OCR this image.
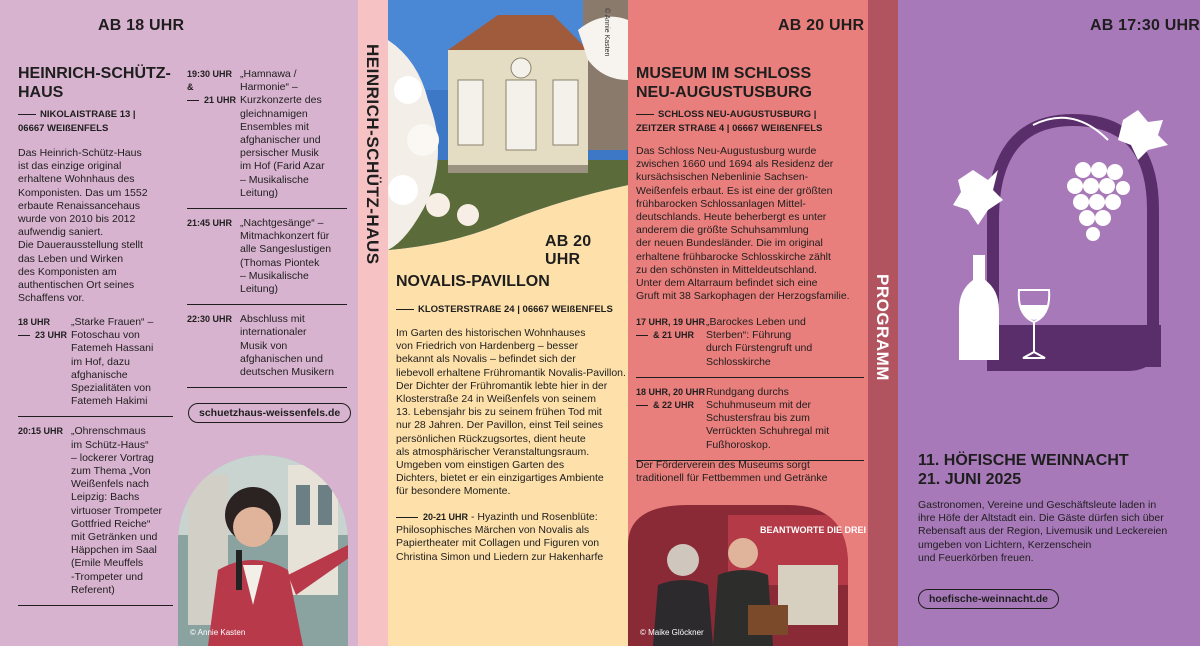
AB 18 UHR
HEINRICH-SCHÜTZ-
HAUS
NIKOLAISTRAßE 13 |
06667 WEIßENFELS
Das Heinrich-Schütz-Haus
ist das einzige original
erhaltene Wohnhaus des
Komponisten. Das um 1552
erbaute Renaissancehaus
wurde von 2010 bis 2012
aufwendig saniert.
Die Dauerausstellung stellt
das Leben und Wirken
des Komponisten am
authentischen Ort seines
Schaffens vor.
18 UHR
23 UHR
„Starke Frauen“ –
Fotoschau von
Fatemeh Hassani
im Hof, dazu
afghanische
Spezialitäten von
Fatemeh Hakimi
20:15 UHR „Ohrenschmaus
im Schütz-Haus“
– lockerer Vortrag
zum Thema „Von
Weißenfels nach
Leipzig: Bachs
virtuoser Trompeter
Gottfried Reiche“
mit Getränken und
Häppchen im Saal
(Emile Meuffels
-Trompeter und
Referent)
19:30 UHR &
21 UHR
„Hamnawa /
Harmonie“ –
Kurzkonzerte des
gleichnamigen
Ensembles mit
afghanischer und
persischer Musik
im Hof (Farid Azar
– Musikalische
Leitung)
21:45 UHR „Nachtgesänge“ –
Mitmachkonzert für
alle Sangeslustigen
(Thomas Piontek
– Musikalische
Leitung)
22:30 UHR Abschluss mit
internationaler
Musik von
afghanischen und
deutschen Musikern
schuetzhaus-weissenfels.de
© Annie Kasten
HEINRICH-SCHÜTZ-HAUS
© Annie Kasten
AB 20 UHR
NOVALIS-PAVILLON
KLOSTERSTRAßE 24 | 06667 WEIßENFELS
Im Garten des historischen Wohnhauses
von Friedrich von Hardenberg – besser
bekannt als Novalis – befindet sich der
liebevoll erhaltene Frühromantik Novalis-Pavillon.
Der Dichter der Frühromantik lebte hier in der
Klosterstraße 24 in Weißenfels von seinem
13. Lebensjahr bis zu seinem frühen Tod mit
nur 28 Jahren. Der Pavillon, einst Teil seines
persönlichen Rückzugsortes, dient heute
als atmosphärischer Veranstaltungsraum.
Umgeben vom einstigen Garten des
Dichters, bietet er ein einzigartiges Ambiente
für besondere Momente.
20-21 UHR - Hyazinth und Rosenblüte:
Philosophisches Märchen von Novalis als
Papiertheater mit Collagen und Figuren von
Christina Simon und Liedern zur Hakenharfe
AB 20 UHR
MUSEUM IM SCHLOSS
NEU-AUGUSTUSBURG
SCHLOSS NEU-AUGUSTUSBURG |
ZEITZER STRAßE 4 | 06667 WEIßENFELS
Das Schloss Neu-Augustusburg wurde
zwischen 1660 und 1694 als Residenz der
kursächsischen Nebenlinie Sachsen-
Weißenfels erbaut. Es ist eine der größten
frühbarocken Schlossanlagen Mittel-
deutschlands. Heute beherbergt es unter
anderem die größte Schuhsammlung
der neuen Bundesländer. Die im original
erhaltene frühbarocke Schlosskirche zählt
zu den schönsten in Mitteldeutschland.
Unter dem Altarraum befindet sich eine
Gruft mit 38 Sarkophagen der Herzogsfamilie.
17 UHR, 19 UHR
& 21 UHR
„Barockes Leben und
Sterben“: Führung
durch Fürstengruft und
Schlosskirche
18 UHR, 20 UHR
& 22 UHR
Rundgang durchs
Schuhmuseum mit der
Schustersfrau bis zum
Verrückten Schuhregal mit
Fußhoroskop.
Der Förderverein des Museums sorgt
traditionell für Fettbemmen und Getränke
BEANTWORTE DIE DREI
© Maike Glöckner
PROGRAMM
AB 17:30 UHR
11. HÖFISCHE WEINNACHT
21. JUNI 2025
Gastronomen, Vereine und Geschäftsleute laden in
ihre Höfe der Altstadt ein. Die Gäste dürfen sich über
Rebensaft aus der Region, Livemusik und Leckereien
umgeben von Lichtern, Kerzenschein
und Feuerkörben freuen.
hoefische-weinnacht.de
